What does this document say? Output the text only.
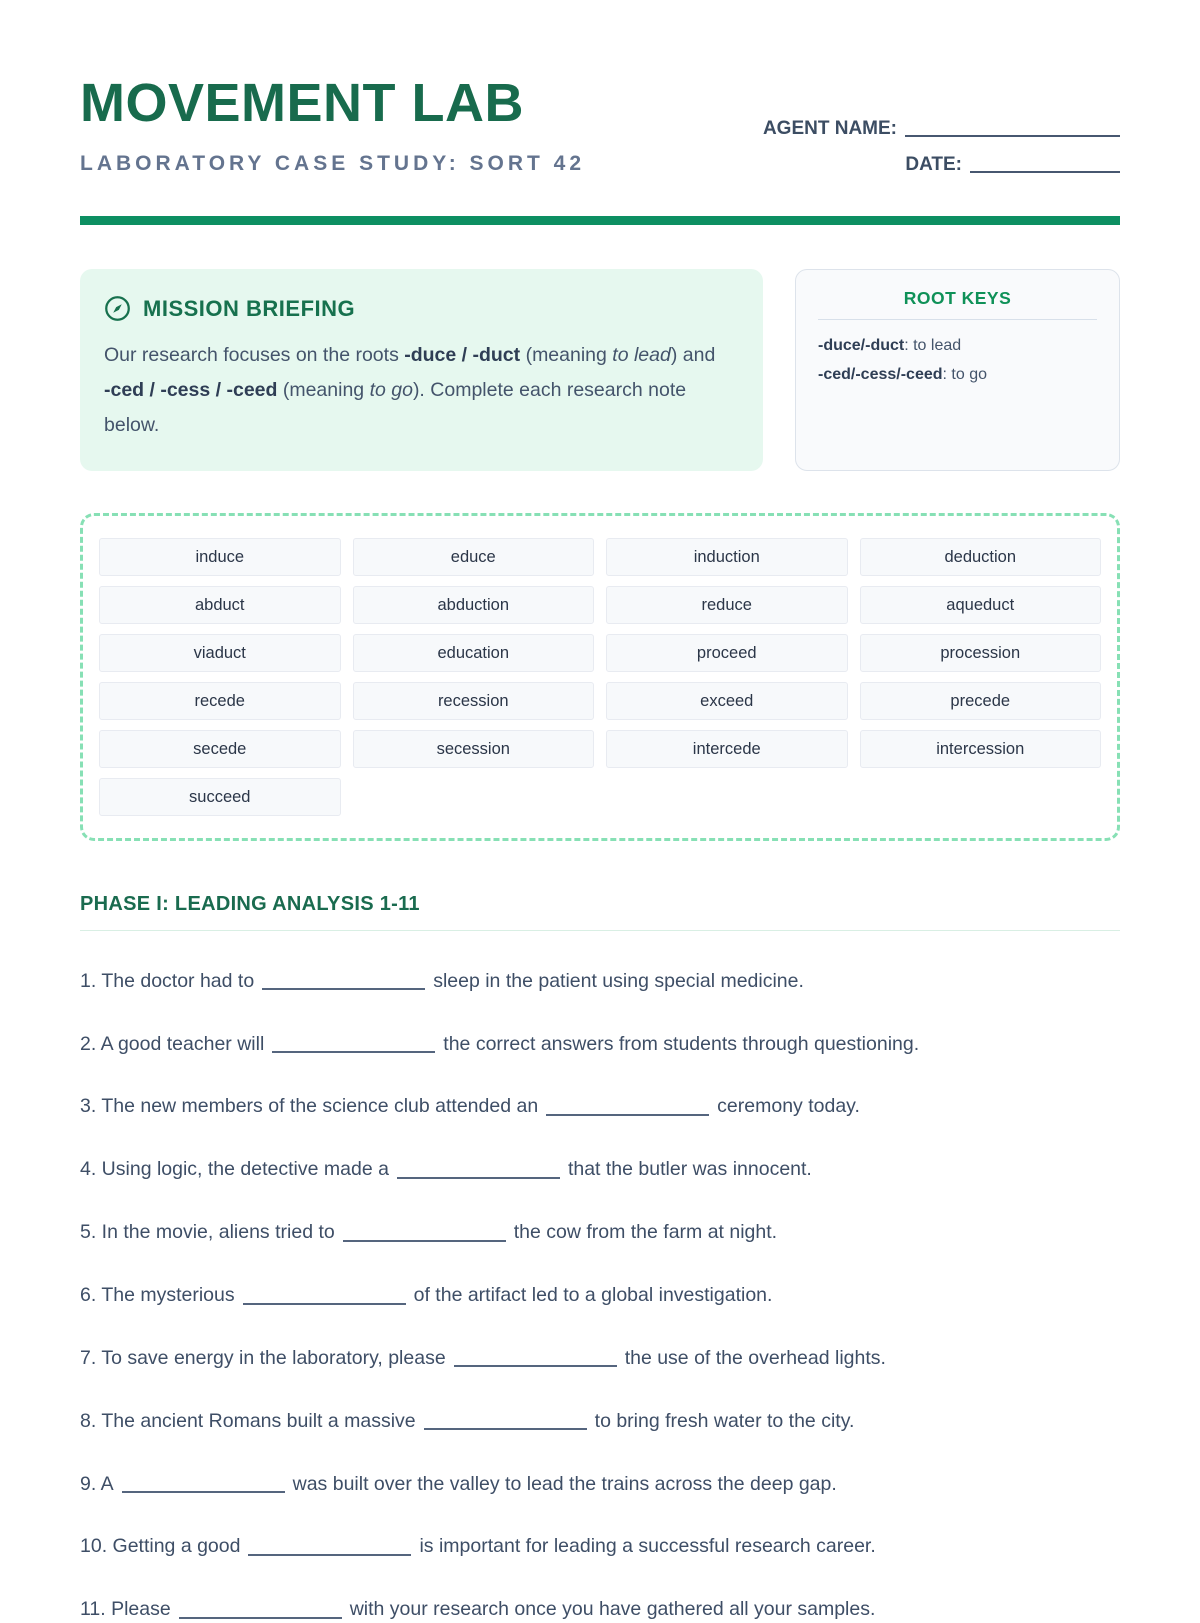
MOVEMENT LAB
LABORATORY CASE STUDY: SORT 42
AGENT NAME:
DATE:
MISSION BRIEFING
Our research focuses on the roots -duce / -duct (meaning to lead) and -ced / -cess / -ceed (meaning to go). Complete each research note below.
ROOT KEYS
-duce/-duct: to lead
-ced/-cess/-ceed: to go
induce	educe	induction	deduction
abduct	abduction	reduce	aqueduct
viaduct	education	proceed	procession
recede	recession	exceed	precede
secede	secession	intercede	intercession
succeed
PHASE I: LEADING ANALYSIS 1-11
1. The doctor had to	sleep in the patient using special medicine.
2. A good teacher will	the correct answers from students through questioning.
3. The new members of the science club attended an	ceremony today.
4. Using logic, the detective made a	that the butler was innocent.
5. In the movie, aliens tried to	the cow from the farm at night.
6. The mysterious	of the artifact led to a global investigation.
7. To save energy in the laboratory, please	the use of the overhead lights.
8. The ancient Romans built a massive	to bring fresh water to the city.
9. A	was built over the valley to lead the trains across the deep gap.
10. Getting a good	is important for leading a successful research career.
11. Please	with your research once you have gathered all your samples.
